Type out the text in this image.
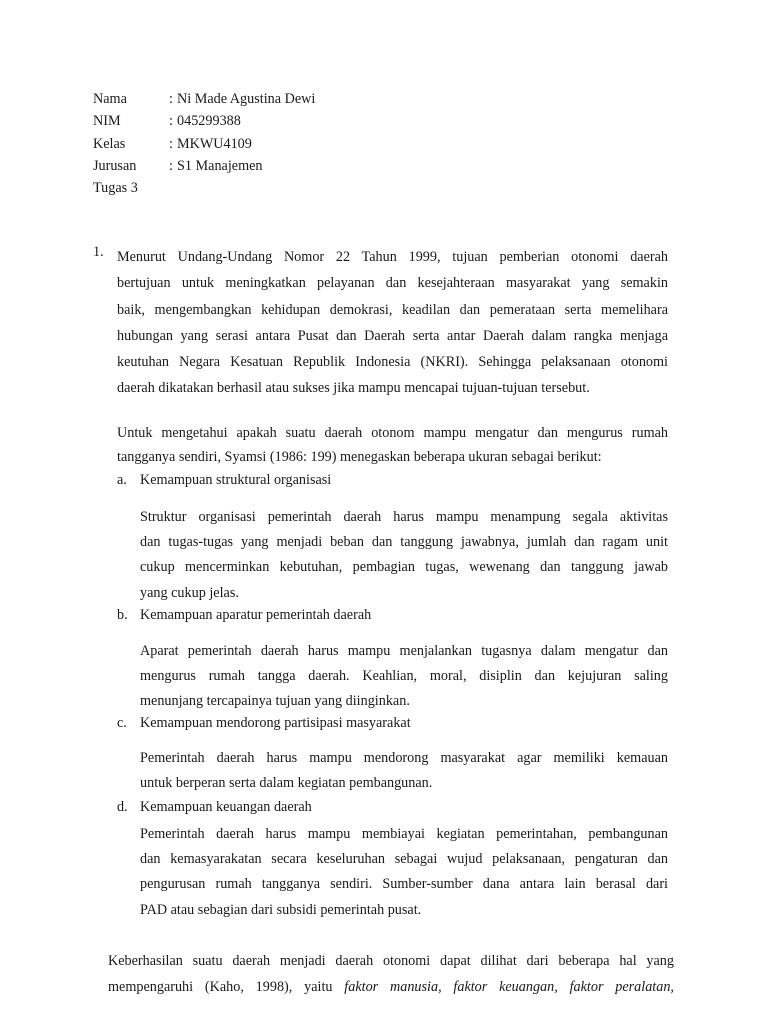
Nama	: Ni Made Agustina Dewi
NIM	: 045299388
Kelas	: MKWU4109
Jurusan : S1 Manajemen
Tugas 3
1. Menurut Undang-Undang Nomor 22 Tahun 1999, tujuan pemberian otonomi daerah
bertujuan untuk meningkatkan pelayanan dan kesejahteraan masyarakat yang semakin
baik, mengembangkan kehidupan demokrasi, keadilan dan pemerataan serta memelihara
hubungan yang serasi antara Pusat dan Daerah serta antar Daerah dalam rangka menjaga
keutuhan Negara Kesatuan Republik Indonesia (NKRI). Sehingga pelaksanaan otonomi
daerah dikatakan berhasil atau sukses jika mampu mencapai tujuan-tujuan tersebut.
Untuk mengetahui apakah suatu daerah otonom mampu mengatur dan mengurus rumah
tangganya sendiri, Syamsi (1986: 199) menegaskan beberapa ukuran sebagai berikut:
a. Kemampuan struktural organisasi
Struktur organisasi pemerintah daerah harus mampu menampung segala aktivitas
dan tugas-tugas yang menjadi beban dan tanggung jawabnya, jumlah dan ragam unit
cukup mencerminkan kebutuhan, pembagian tugas, wewenang dan tanggung jawab
yang cukup jelas.
b. Kemampuan aparatur pemerintah daerah
Aparat pemerintah daerah harus mampu menjalankan tugasnya dalam mengatur dan
mengurus rumah tangga daerah. Keahlian, moral, disiplin dan kejujuran saling
menunjang tercapainya tujuan yang diinginkan.
c. Kemampuan mendorong partisipasi masyarakat
Pemerintah daerah harus mampu mendorong masyarakat agar memiliki kemauan
untuk berperan serta dalam kegiatan pembangunan.
d. Kemampuan keuangan daerah
Pemerintah daerah harus mampu membiayai kegiatan pemerintahan, pembangunan
dan kemasyarakatan secara keseluruhan sebagai wujud pelaksanaan, pengaturan dan
pengurusan rumah tangganya sendiri. Sumber-sumber dana antara lain berasal dari
PAD atau sebagian dari subsidi pemerintah pusat.
Keberhasilan suatu daerah menjadi daerah otonomi dapat dilihat dari beberapa hal yang
mempengaruhi (Kaho, 1998), yaitu faktor manusia, faktor keuangan, faktor peralatan,
